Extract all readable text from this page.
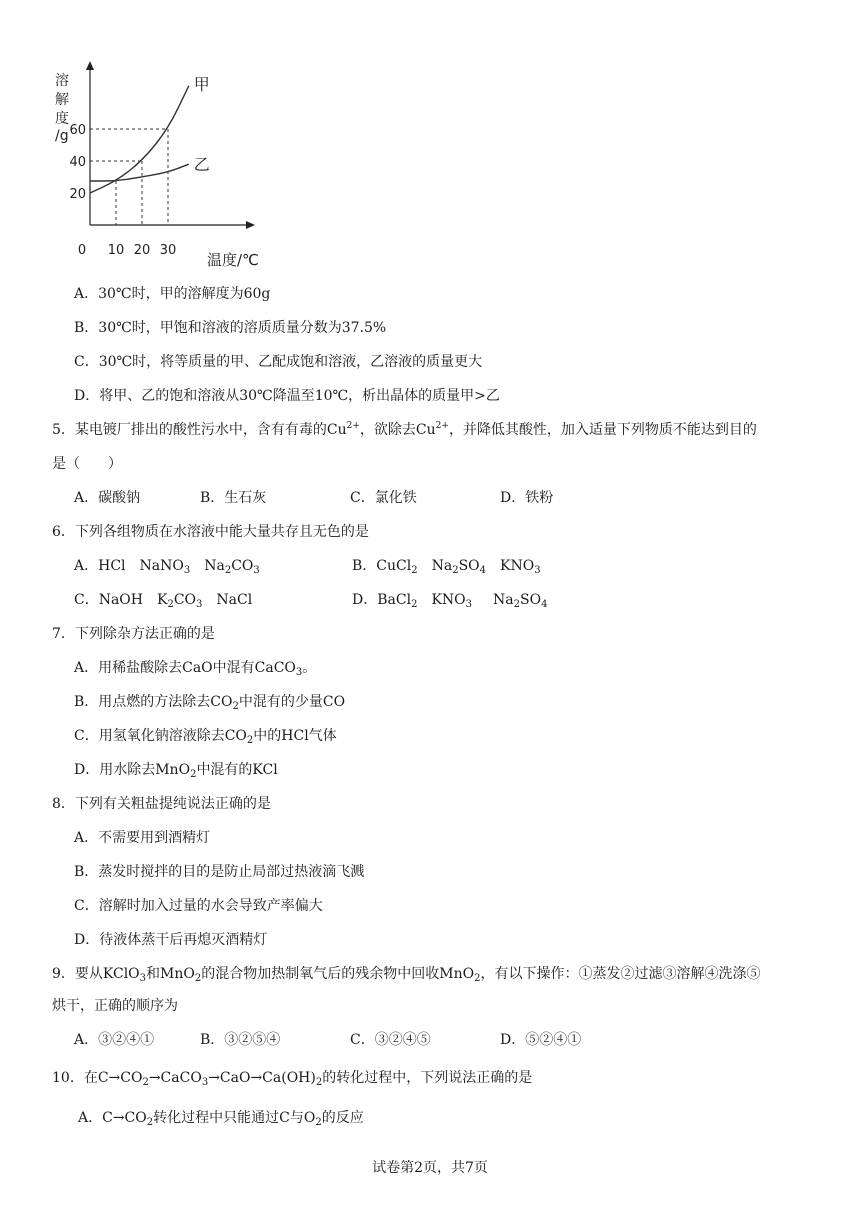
溶
解
度
/g
甲
乙
0 10 20 30
20
40
60
温度/℃
A．30℃时，甲的溶解度为60g
B．30℃时，甲饱和溶液的溶质质量分数为37.5%
C．30℃时，将等质量的甲、乙配成饱和溶液，乙溶液的质量更大
D．将甲、乙的饱和溶液从30℃降温至10℃，析出晶体的质量甲>乙
5．某电镀厂排出的酸性污水中，含有有毒的$Cu^{2+}$，欲除去$Cu^{2+}$，并降低其酸性，加入适量下列物质不能达到目的
是（　　）
A．碳酸钠	B．生石灰	C．氯化铁	D．铁粉
6．下列各组物质在水溶液中能大量共存且无色的是
A．HCl   NaNO$_3$   $Na_2CO_3$	B．CuCl$_2$   $Na_2SO_4$   $KNO_3$
C．NaOH   $K_2CO_3$   NaCl	D．BaCl$_2$   $KNO_3$    $Na_2SO_4$
7．下列除杂方法正确的是
A．用稀盐酸除去CaO中混有CaCO$_3$。
B．用点燃的方法除去$CO_2$中混有的少量CO
C．用氢氧化钠溶液除去$CO_2$中的HCl气体
D．用水除去MnO$_2$中混有的KCl
8．下列有关粗盐提纯说法正确的是
A．不需要用到酒精灯
B．蒸发时搅拌的目的是防止局部过热液滴飞溅
C．溶解时加入过量的水会导致产率偏大
D．待液体蒸干后再熄灭酒精灯
9．要从KClO$_3$和MnO$_2$的混合物加热制氧气后的残余物中回收MnO$_2$，有以下操作：①蒸发②过滤③溶解④洗涤⑤
烘干，正确的顺序为
A．③②④①	B．③②⑤④	C．③②④⑤	D．⑤②④①
10．在$C\to CO_2\to CaCO_3\to CaO\to Ca(OH)_2$的转化过程中，下列说法正确的是
A．$C\to CO_2$转化过程中只能通过C与$O_2$的反应
试卷第2页，共7页
